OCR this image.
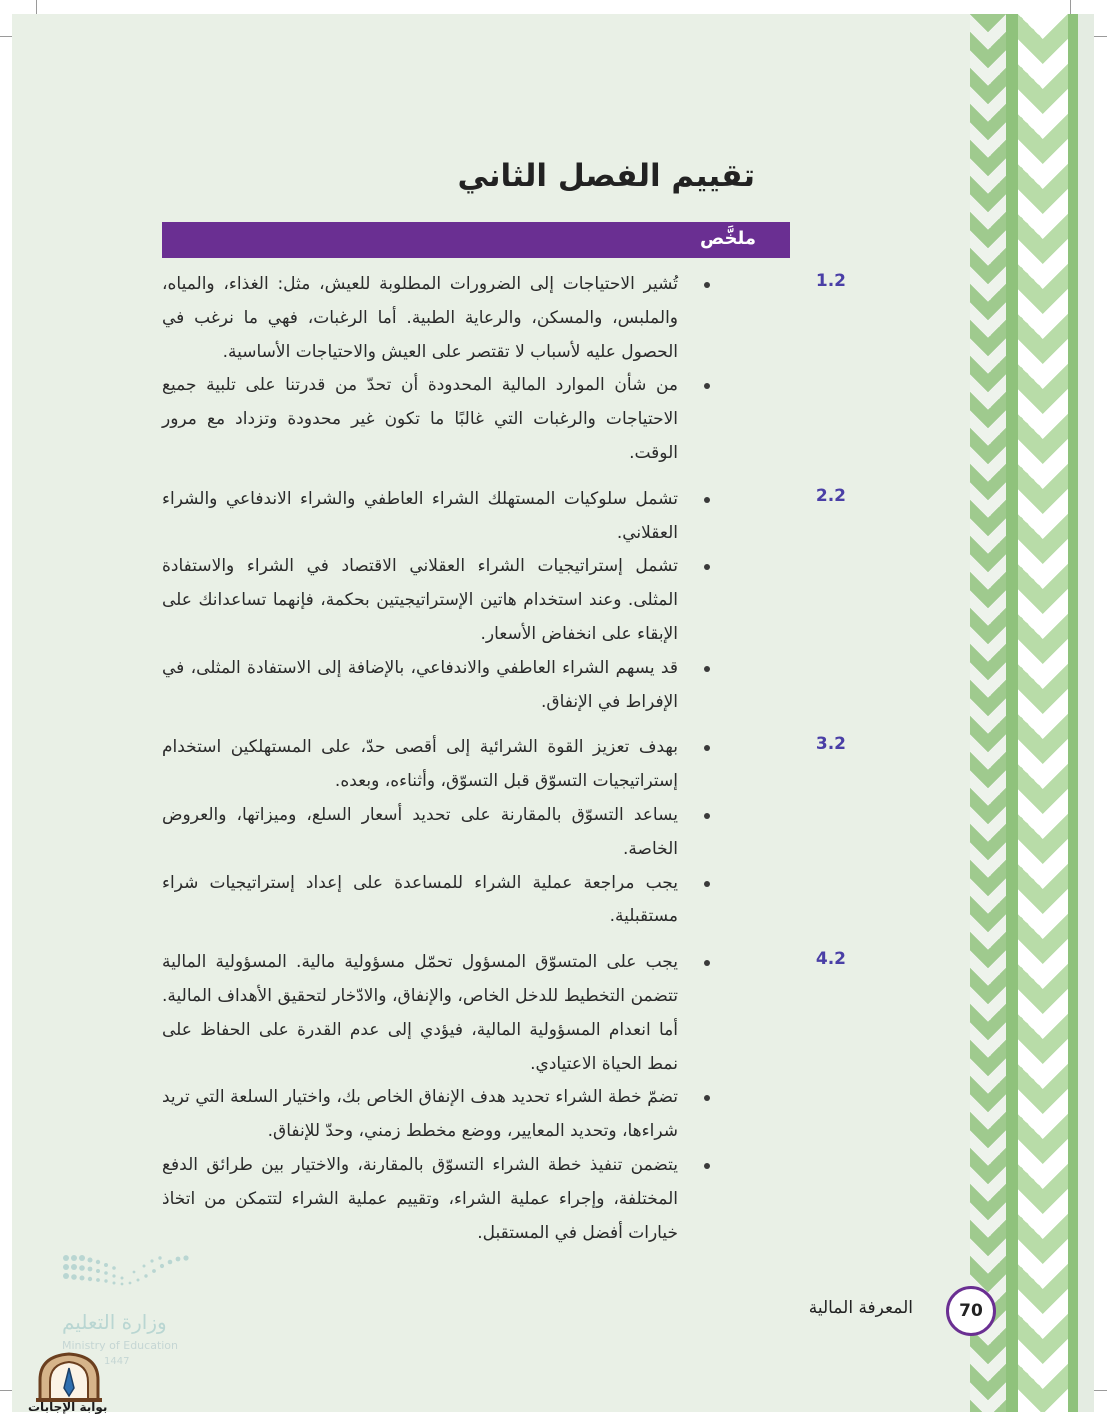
تقييم الفصل الثاني
ملخَّص
1.2

تُشير الاحتياجات إلى الضرورات المطلوبة للعيش، مثل: الغذاء، والمياه، والملبس، والمسكن، والرعاية الطبية. أما الرغبات، فهي ما نرغب في الحصول عليه لأسباب لا تقتصر على العيش والاحتياجات الأساسية.

من شأن الموارد المالية المحدودة أن تحدّ من قدرتنا على تلبية جميع الاحتياجات والرغبات التي غالبًا ما تكون غير محدودة وتزداد مع مرور الوقت.

2.2

تشمل سلوكيات المستهلك الشراء العاطفي والشراء الاندفاعي والشراء العقلاني.

تشمل إستراتيجيات الشراء العقلاني الاقتصاد في الشراء والاستفادة المثلى. وعند استخدام هاتين الإستراتيجيتين بحكمة، فإنهما تساعدانك على الإبقاء على انخفاض الأسعار.

قد يسهم الشراء العاطفي والاندفاعي، بالإضافة إلى الاستفادة المثلى، في الإفراط في الإنفاق.

3.2

بهدف تعزيز القوة الشرائية إلى أقصى حدّ، على المستهلكين استخدام إستراتيجيات التسوّق قبل التسوّق، وأثناءه، وبعده.

يساعد التسوّق بالمقارنة على تحديد أسعار السلع، وميزاتها، والعروض الخاصة.

يجب مراجعة عملية الشراء للمساعدة على إعداد إستراتيجيات شراء مستقبلية.

4.2

يجب على المتسوّق المسؤول تحمّل مسؤولية مالية. المسؤولية المالية تتضمن التخطيط للدخل الخاص، والإنفاق، والادّخار لتحقيق الأهداف المالية. أما انعدام المسؤولية المالية، فيؤدي إلى عدم القدرة على الحفاظ على نمط الحياة الاعتيادي.

تضمّ خطة الشراء تحديد هدف الإنفاق الخاص بك، واختيار السلعة التي تريد شراءها، وتحديد المعايير، ووضع مخطط زمني، وحدّ للإنفاق.

يتضمن تنفيذ خطة الشراء التسوّق بالمقارنة، والاختيار بين طرائق الدفع المختلفة، وإجراء عملية الشراء، وتقييم عملية الشراء لتتمكن من اتخاذ خيارات أفضل في المستقبل.

70
المعرفة المالية
وزارة التعليم
Ministry of Education
1447
بوابة الإجابات
